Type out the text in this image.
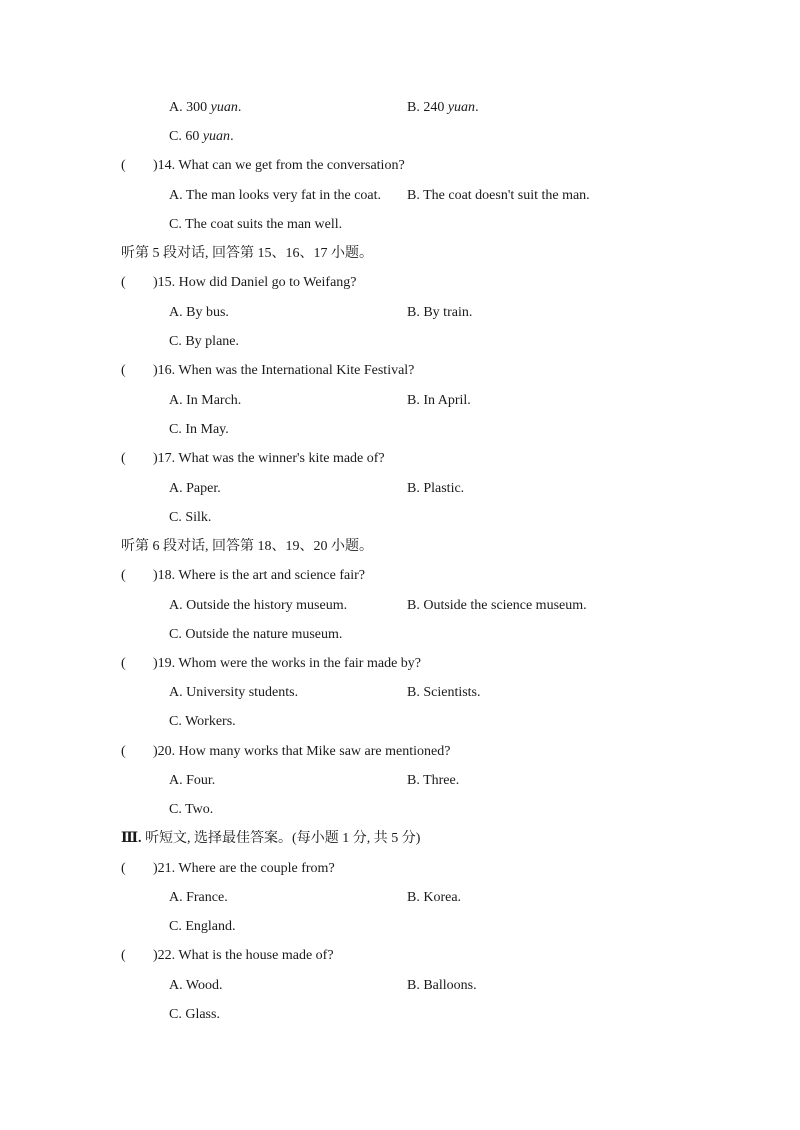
A. 300 yuan.	B. 240 yuan.
C. 60 yuan.
( )14. What can we get from the conversation?
A. The man looks very fat in the coat. B. The coat doesn't suit the man.
C. The coat suits the man well.
听第 5 段对话, 回答第 15、16、17 小题。
( )15. How did Daniel go to Weifang?
A. By bus.	B. By train.
C. By plane.
( )16. When was the International Kite Festival?
A. In March.	B. In April.
C. In May.
( )17. What was the winner's kite made of?
A. Paper.	B. Plastic.
C. Silk.
听第 6 段对话, 回答第 18、19、20 小题。
( )18. Where is the art and science fair?
A. Outside the history museum.	B. Outside the science museum.
C. Outside the nature museum.
( )19. Whom were the works in the fair made by?
A. University students.	B. Scientists.
C. Workers.
( )20. How many works that Mike saw are mentioned?
A. Four.	B. Three.
C. Two.
Ⅲ. 听短文, 选择最佳答案。(每小题 1 分, 共 5 分)
( )21. Where are the couple from?
A. France.	B. Korea.
C. England.
( )22. What is the house made of?
A. Wood.	B. Balloons.
C. Glass.
